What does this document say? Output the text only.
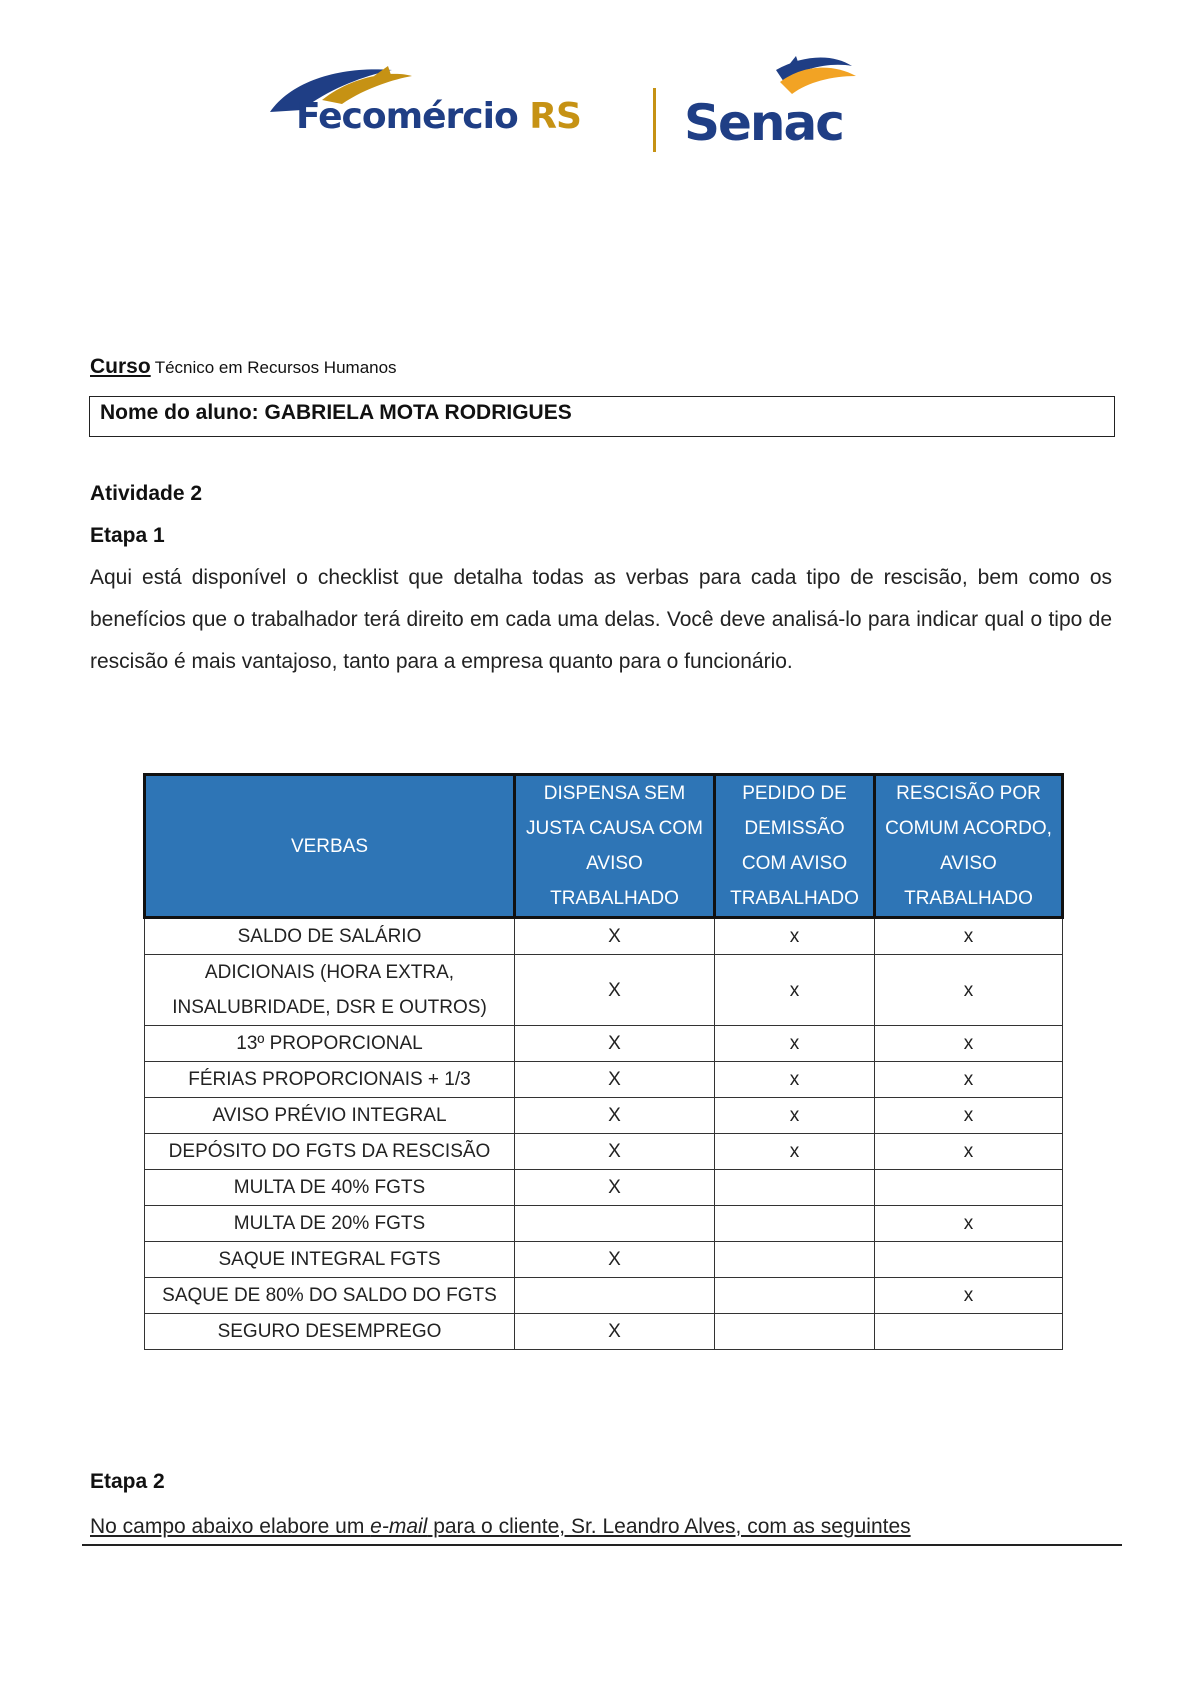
Fecomércio RS Senac
Curso Técnico em Recursos Humanos
Nome do aluno: GABRIELA MOTA RODRIGUES
Atividade 2
Etapa 1
Aqui está disponível o checklist que detalha todas as verbas para cada tipo de rescisão, bem como os benefícios que o trabalhador terá direito em cada uma delas. Você deve analisá-lo para indicar qual o tipo de rescisão é mais vantajoso, tanto para a empresa quanto para o funcionário.
VERBAS	DISPENSA SEM JUSTA CAUSA COM AVISO TRABALHADO	PEDIDO DE DEMISSÃO COM AVISO TRABALHADO	RESCISÃO POR COMUM ACORDO, AVISO TRABALHADO
SALDO DE SALÁRIO	X	x	x
ADICIONAIS (HORA EXTRA, INSALUBRIDADE, DSR E OUTROS)	X	x	x
13º PROPORCIONAL	X	x	x
FÉRIAS PROPORCIONAIS + 1/3	X	x	x
AVISO PRÉVIO INTEGRAL	X	x	x
DEPÓSITO DO FGTS DA RESCISÃO	X	x	x
MULTA DE 40% FGTS	X		
MULTA DE 20% FGTS			x
SAQUE INTEGRAL FGTS	X		
SAQUE DE 80% DO SALDO DO FGTS			x
SEGURO DESEMPREGO	X		
Etapa 2
No campo abaixo elabore um e-mail para o cliente, Sr. Leandro Alves, com as seguintes
